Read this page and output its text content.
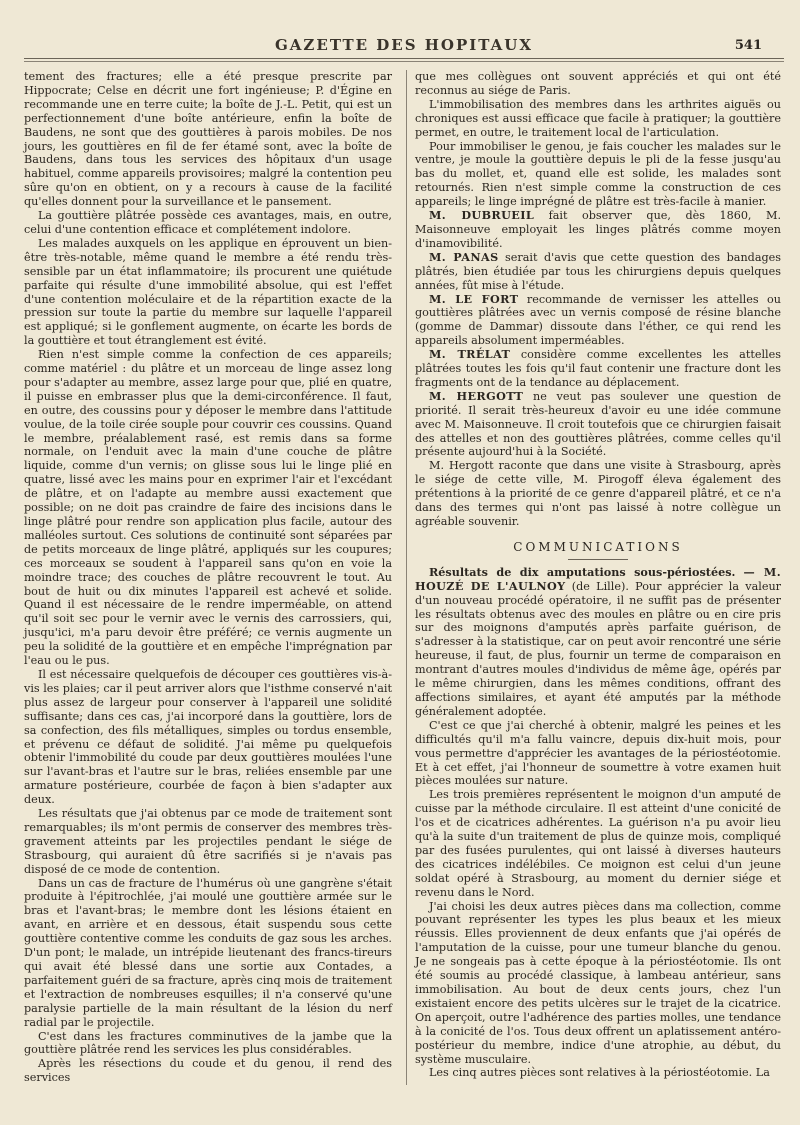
GAZETTE DES HOPITAUX	541

tement des fractures; elle a été presque prescrite par Hippocrate; Celse en décrit une fort ingénieuse; P. d'Égine en recommande une en terre cuite; la boîte de J.-L. Petit, qui est un perfectionnement d'une boîte antérieure, enfin la boîte de Baudens, ne sont que des gouttières à parois mobiles. De nos jours, les gouttières en fil de fer étamé sont, avec la boîte de Baudens, dans tous les services des hôpitaux d'un usage habituel, comme appareils provisoires; malgré la contention peu sûre qu'on en obtient, on y a recours à cause de la facilité qu'elles donnent pour la surveillance et le pansement.

La gouttière plâtrée possède ces avantages, mais, en outre, celui d'une contention efficace et complétement indolore.

Les malades auxquels on les applique en éprouvent un bien-être très-notable, même quand le membre a été rendu très-sensible par un état inflammatoire; ils procurent une quiétude parfaite qui résulte d'une immobilité absolue, qui est l'effet d'une contention moléculaire et de la répartition exacte de la pression sur toute la partie du membre sur laquelle l'appareil est appliqué; si le gonflement augmente, on écarte les bords de la gouttière et tout étranglement est évité.

Rien n'est simple comme la confection de ces appareils; comme matériel : du plâtre et un morceau de linge assez long pour s'adapter au membre, assez large pour que, plié en quatre, il puisse en embrasser plus que la demi-circonférence. Il faut, en outre, des coussins pour y déposer le membre dans l'attitude voulue, de la toile cirée souple pour couvrir ces coussins. Quand le membre, préalablement rasé, est remis dans sa forme normale, on l'enduit avec la main d'une couche de plâtre liquide, comme d'un vernis; on glisse sous lui le linge plié en quatre, lissé avec les mains pour en exprimer l'air et l'excédant de plâtre, et on l'adapte au membre aussi exactement que possible; on ne doit pas craindre de faire des incisions dans le linge plâtré pour rendre son application plus facile, autour des malléoles surtout. Ces solutions de continuité sont séparées par de petits morceaux de linge plâtré, appliqués sur les coupures; ces morceaux se soudent à l'appareil sans qu'on en voie la moindre trace; des couches de plâtre recouvrent le tout. Au bout de huit ou dix minutes l'appareil est achevé et solide. Quand il est nécessaire de le rendre imperméable, on attend qu'il soit sec pour le vernir avec le vernis des carrossiers, qui, jusqu'ici, m'a paru devoir être préféré; ce vernis augmente un peu la solidité de la gouttière et en empêche l'imprégnation par l'eau ou le pus.

Il est nécessaire quelquefois de découper ces gouttières vis-à-vis les plaies; car il peut arriver alors que l'isthme conservé n'ait plus assez de largeur pour conserver à l'appareil une solidité suffisante; dans ces cas, j'ai incorporé dans la gouttière, lors de sa confection, des fils métalliques, simples ou tordus ensemble, et prévenu ce défaut de solidité. J'ai même pu quelquefois obtenir l'immobilité du coude par deux gouttières moulées l'une sur l'avant-bras et l'autre sur le bras, reliées ensemble par une armature postérieure, courbée de façon à bien s'adapter aux deux.

Les résultats que j'ai obtenus par ce mode de traitement sont remarquables; ils m'ont permis de conserver des membres très-gravement atteints par les projectiles pendant le siége de Strasbourg, qui auraient dû être sacrifiés si je n'avais pas disposé de ce mode de contention.

Dans un cas de fracture de l'humérus où une gangrène s'était produite à l'épitrochlée, j'ai moulé une gouttière armée sur le bras et l'avant-bras; le membre dont les lésions étaient en avant, en arrière et en dessous, était suspendu sous cette gouttière contentive comme les conduits de gaz sous les arches. D'un pont; le malade, un intrépide lieutenant des francs-tireurs qui avait été blessé dans une sortie aux Contades, a parfaitement guéri de sa fracture, après cinq mois de traitement et l'extraction de nombreuses esquilles; il n'a conservé qu'une paralysie partielle de la main résultant de la lésion du nerf radial par le projectile.

C'est dans les fractures comminutives de la jambe que la gouttière plâtrée rend les services les plus considérables.

Après les résections du coude et du genou, il rend des services

que mes collègues ont souvent appréciés et qui ont été reconnus au siége de Paris.

L'immobilisation des membres dans les arthrites aiguës ou chroniques est aussi efficace que facile à pratiquer; la gouttière permet, en outre, le traitement local de l'articulation.

Pour immobiliser le genou, je fais coucher les malades sur le ventre, je moule la gouttière depuis le pli de la fesse jusqu'au bas du mollet, et, quand elle est solide, les malades sont retournés. Rien n'est simple comme la construction de ces appareils; le linge imprégné de plâtre est très-facile à manier.

M. DUBRUEIL fait observer que, dès 1860, M. Maisonneuve employait les linges plâtrés comme moyen d'inamovibilité.

M. PANAS serait d'avis que cette question des bandages plâtrés, bien étudiée par tous les chirurgiens depuis quelques années, fût mise à l'étude.

M. LE FORT recommande de vernisser les attelles ou gouttières plâtrées avec un vernis composé de résine blanche (gomme de Dammar) dissoute dans l'éther, ce qui rend les appareils absolument imperméables.

M. TRÉLAT considère comme excellentes les attelles plâtrées toutes les fois qu'il faut contenir une fracture dont les fragments ont de la tendance au déplacement.

M. HERGOTT ne veut pas soulever une question de priorité. Il serait très-heureux d'avoir eu une idée commune avec M. Maisonneuve. Il croit toutefois que ce chirurgien faisait des attelles et non des gouttières plâtrées, comme celles qu'il présente aujourd'hui à la Société.

M. Hergott raconte que dans une visite à Strasbourg, après le siége de cette ville, M. Pirogoff éleva également des prétentions à la priorité de ce genre d'appareil plâtré, et ce n'a dans des termes qui n'ont pas laissé à notre collègue un agréable souvenir.

COMMUNICATIONS

Résultats de dix amputations sous-périostées. — M. HOUZÉ DE L'AULNOY (de Lille). Pour apprécier la valeur d'un nouveau procédé opératoire, il ne suffit pas de présenter les résultats obtenus avec des moules en plâtre ou en cire pris sur des moignons d'amputés après parfaite guérison, de s'adresser à la statistique, car on peut avoir rencontré une série heureuse, il faut, de plus, fournir un terme de comparaison en montrant d'autres moules d'individus de même âge, opérés par le même chirurgien, dans les mêmes conditions, offrant des affections similaires, et ayant été amputés par la méthode généralement adoptée.

C'est ce que j'ai cherché à obtenir, malgré les peines et les difficultés qu'il m'a fallu vaincre, depuis dix-huit mois, pour vous permettre d'apprécier les avantages de la périostéotomie. Et à cet effet, j'ai l'honneur de soumettre à votre examen huit pièces moulées sur nature.

Les trois premières représentent le moignon d'un amputé de cuisse par la méthode circulaire. Il est atteint d'une conicité de l'os et de cicatrices adhérentes. La guérison n'a pu avoir lieu qu'à la suite d'un traitement de plus de quinze mois, compliqué par des fusées purulentes, qui ont laissé à diverses hauteurs des cicatrices indélébiles. Ce moignon est celui d'un jeune soldat opéré à Strasbourg, au moment du dernier siége et revenu dans le Nord.

J'ai choisi les deux autres pièces dans ma collection, comme pouvant représenter les types les plus beaux et les mieux réussis. Elles proviennent de deux enfants que j'ai opérés de l'amputation de la cuisse, pour une tumeur blanche du genou. Je ne songeais pas à cette époque à la périostéotomie. Ils ont été soumis au procédé classique, à lambeau antérieur, sans immobilisation. Au bout de deux cents jours, chez l'un existaient encore des petits ulcères sur le trajet de la cicatrice. On aperçoit, outre l'adhérence des parties molles, une tendance à la conicité de l'os. Tous deux offrent un aplatissement antéro-postérieur du membre, indice d'une atrophie, au début, du système musculaire.

Les cinq autres pièces sont relatives à la périostéotomie. La
